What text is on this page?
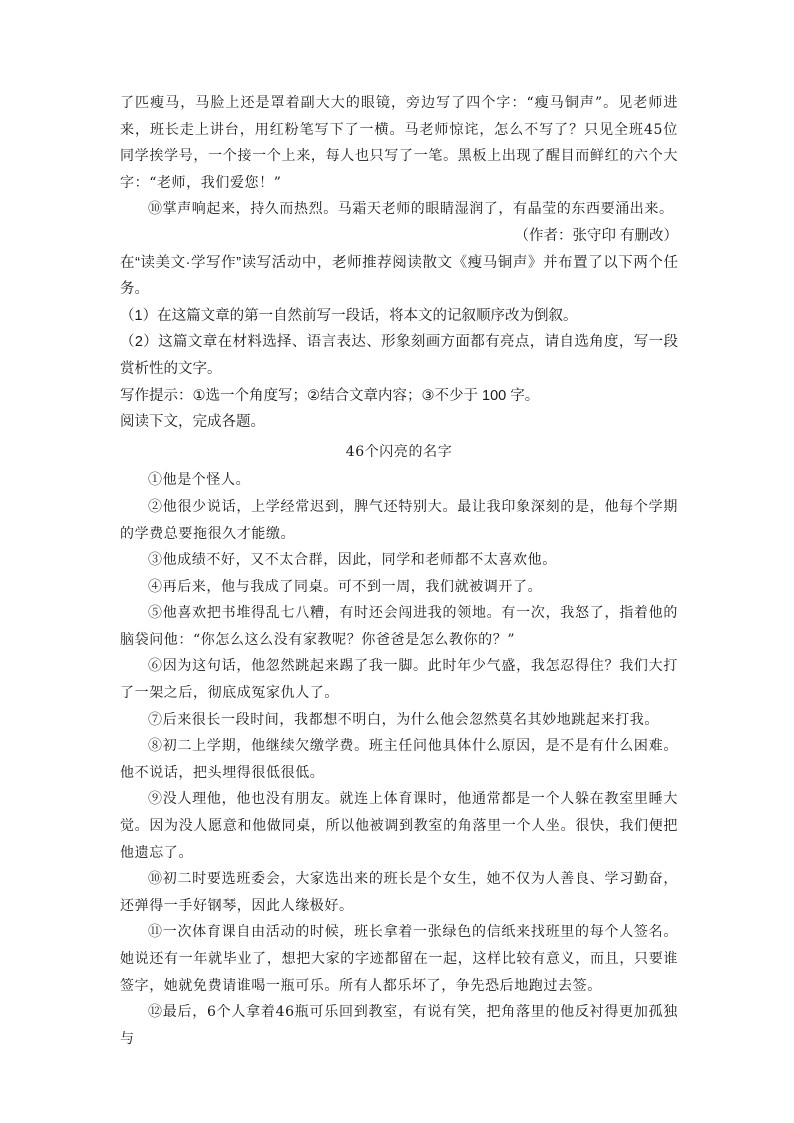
了匹瘦马，马脸上还是罩着副大大的眼镜，旁边写了四个字：“瘦马铜声”。见老师进来，班长走上讲台，用红粉笔写下了一横。马老师惊诧，怎么不写了？只见全班45位同学挨学号，一个接一个上来，每人也只写了一笔。黑板上出现了醒目而鲜红的六个大字：“老师，我们爱您！”

⑩掌声响起来，持久而热烈。马霜天老师的眼睛湿润了，有晶莹的东西要涌出来。

（作者：张守印 有删改）

在“读美文·学写作”读写活动中，老师推荐阅读散文《瘦马铜声》并布置了以下两个任务。

（1）在这篇文章的第一自然前写一段话，将本文的记叙顺序改为倒叙。

（2）这篇文章在材料选择、语言表达、形象刻画方面都有亮点，请自选角度，写一段赏析性的文字。

写作提示：①选一个角度写；②结合文章内容；③不少于 100 字。

阅读下文，完成各题。

46个闪亮的名字

①他是个怪人。

②他很少说话，上学经常迟到，脾气还特别大。最让我印象深刻的是，他每个学期的学费总要拖很久才能缴。

③他成绩不好，又不太合群，因此，同学和老师都不太喜欢他。

④再后来，他与我成了同桌。可不到一周，我们就被调开了。

⑤他喜欢把书堆得乱七八糟，有时还会闯进我的领地。有一次，我怒了，指着他的脑袋问他：“你怎么这么没有家教呢？你爸爸是怎么教你的？”

⑥因为这句话，他忽然跳起来踢了我一脚。此时年少气盛，我怎忍得住？我们大打了一架之后，彻底成冤家仇人了。

⑦后来很长一段时间，我都想不明白，为什么他会忽然莫名其妙地跳起来打我。

⑧初二上学期，他继续欠缴学费。班主任问他具体什么原因，是不是有什么困难。他不说话，把头埋得很低很低。

⑨没人理他，他也没有朋友。就连上体育课时，他通常都是一个人躲在教室里睡大觉。因为没人愿意和他做同桌，所以他被调到教室的角落里一个人坐。很快，我们便把他遗忘了。

⑩初二时要选班委会，大家选出来的班长是个女生，她不仅为人善良、学习勤奋，还弹得一手好钢琴，因此人缘极好。

⑪一次体育课自由活动的时候，班长拿着一张绿色的信纸来找班里的每个人签名。她说还有一年就毕业了，想把大家的字迹都留在一起，这样比较有意义，而且，只要谁签字，她就免费请谁喝一瓶可乐。所有人都乐坏了，争先恐后地跑过去签。

⑫最后，6个人拿着46瓶可乐回到教室，有说有笑，把角落里的他反衬得更加孤独与
